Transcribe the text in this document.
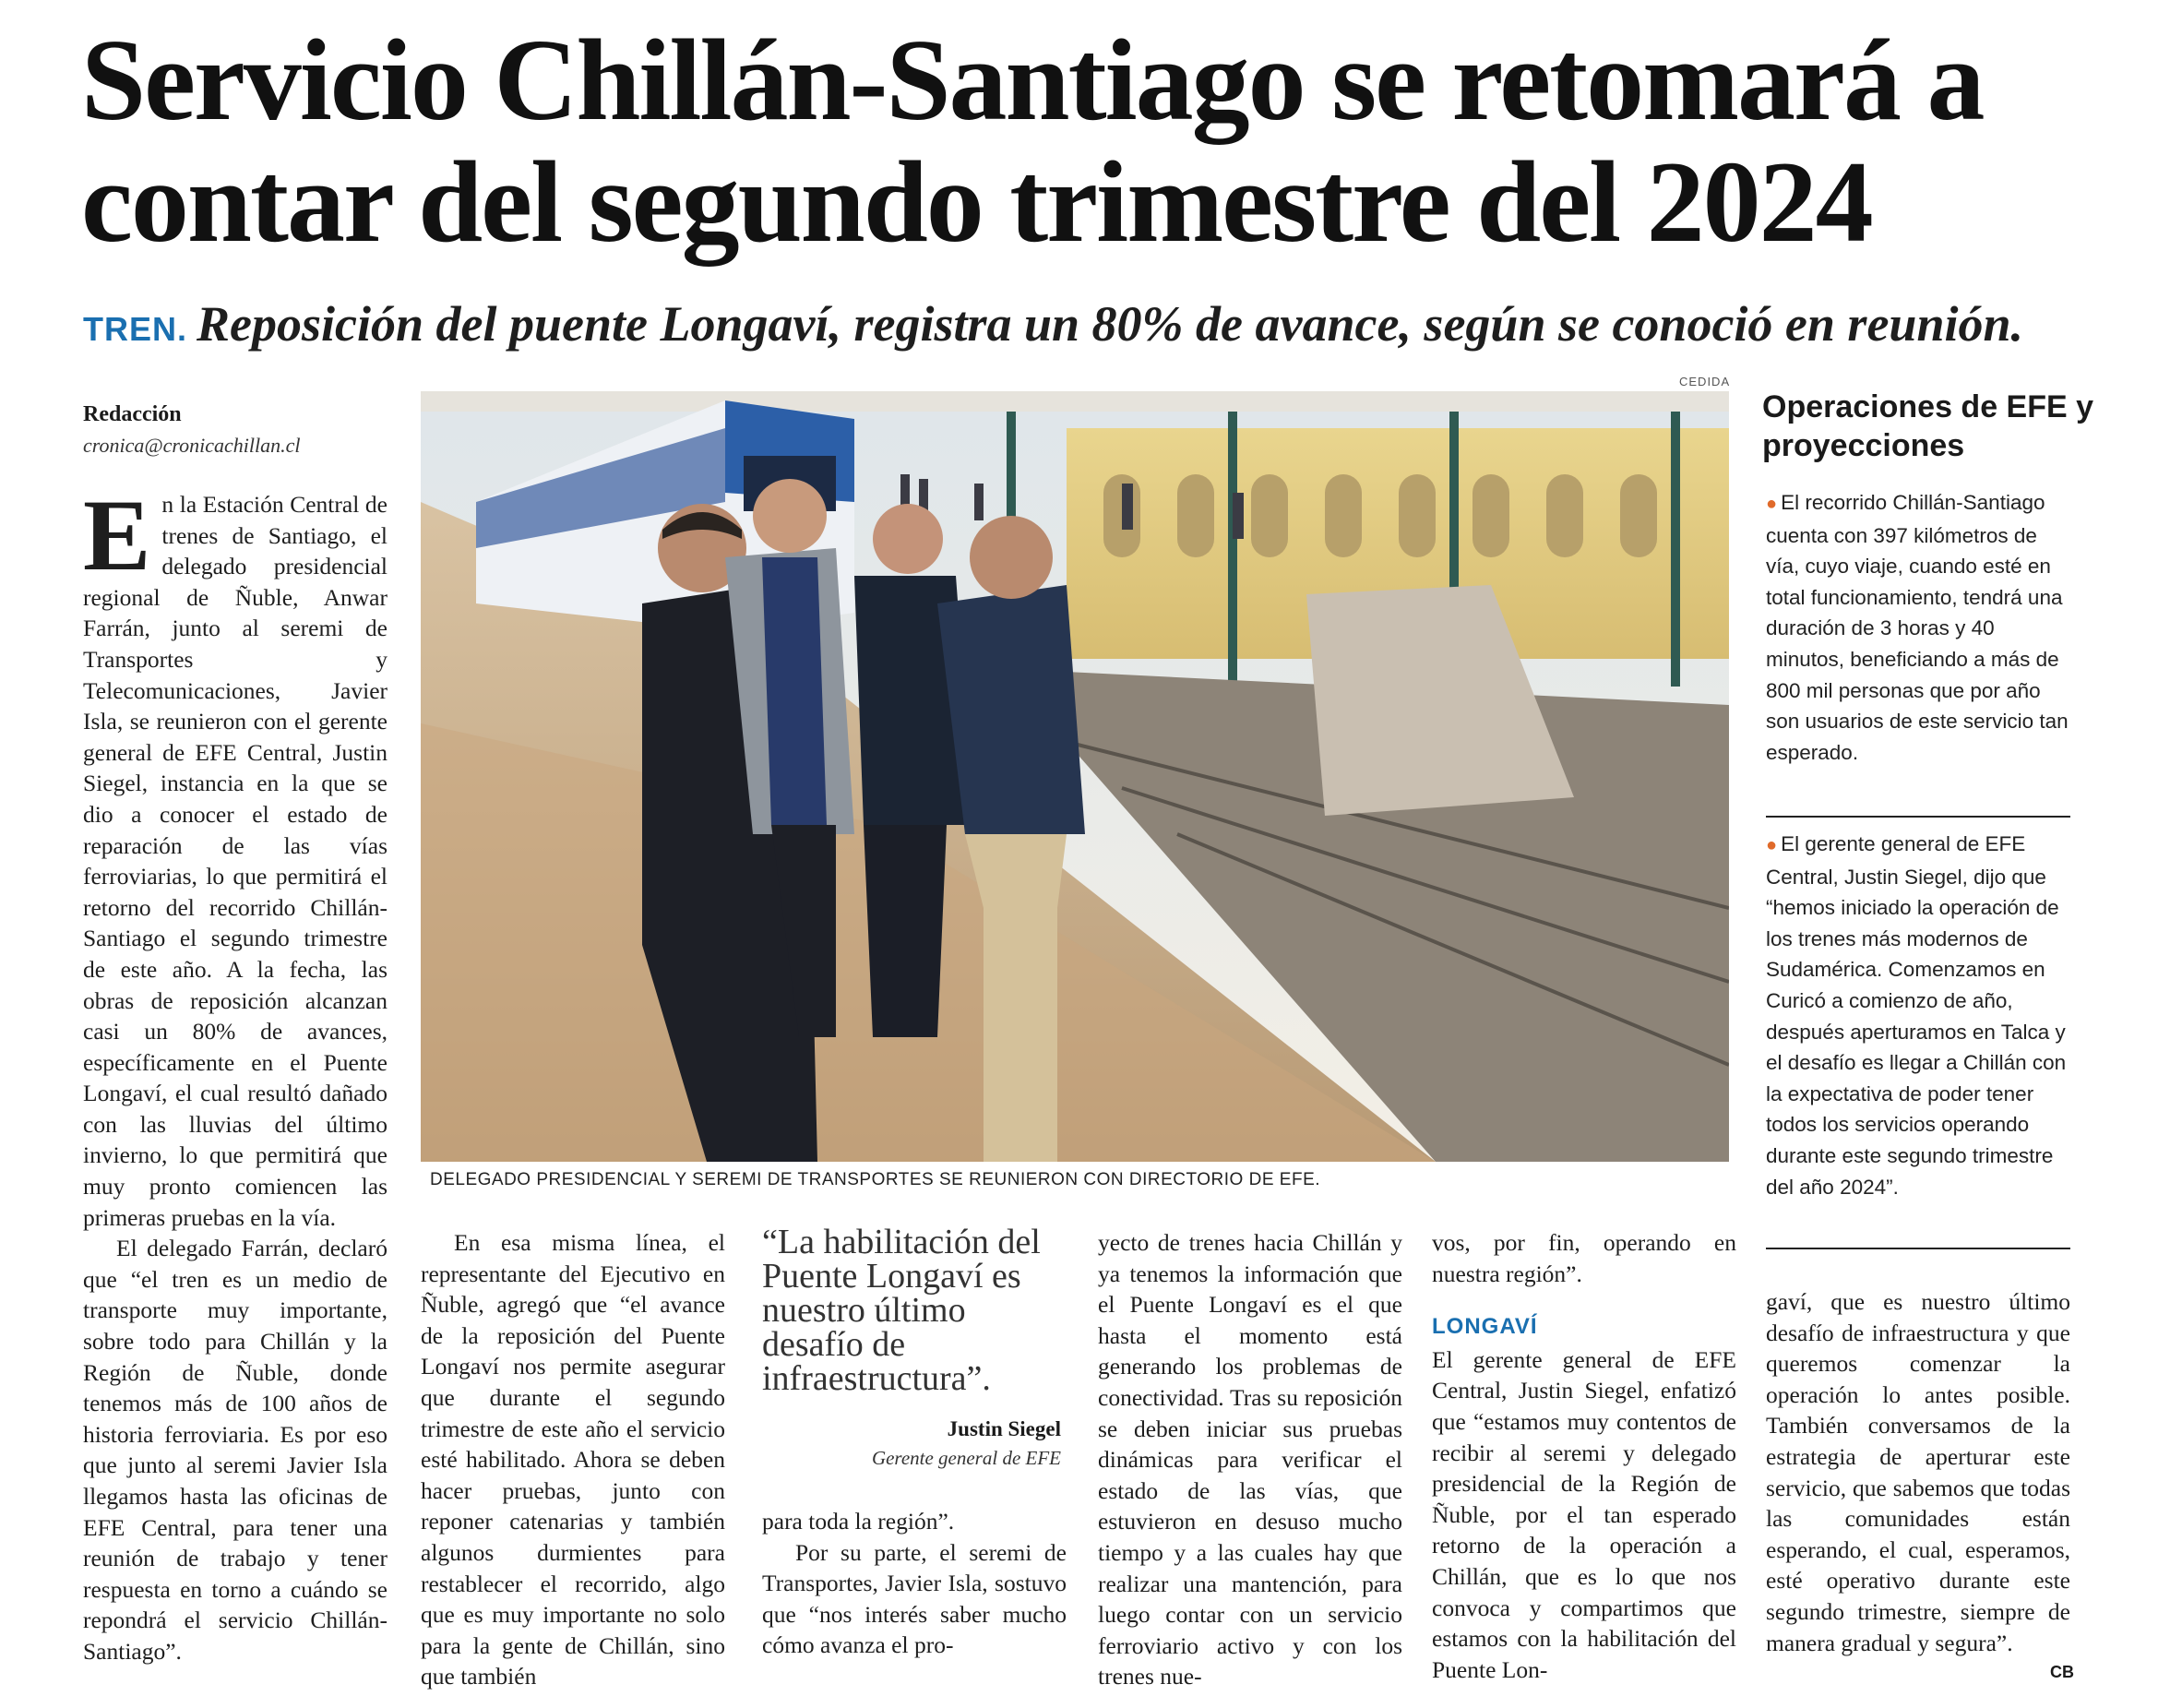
Servicio Chillán-Santiago se retomará a
contar del segundo trimestre del 2024
TREN. Reposición del puente Longaví, registra un 80% de avance, según se conoció en reunión.
Redacción
cronica@cronicachillan.cl

En la Estación Central de trenes de Santiago, el delegado presidencial regional de Ñuble, Anwar Farrán, junto al seremi de Transportes y Telecomunicaciones, Javier Isla, se reunieron con el gerente general de EFE Central, Justin Siegel, instancia en la que se dio a conocer el estado de reparación de las vías ferroviarias, lo que permitirá el retorno del recorrido Chillán-Santiago el segundo trimestre de este año. A la fecha, las obras de reposición alcanzan casi un 80% de avances, específicamente en el Puente Longaví, el cual resultó dañado con las lluvias del último invierno, lo que permitirá que muy pronto comiencen las primeras pruebas en la vía.

El delegado Farrán, declaró que “el tren es un medio de transporte muy importante, sobre todo para Chillán y la Región de Ñuble, donde tenemos más de 100 años de historia ferroviaria. Es por eso que junto al seremi Javier Isla llegamos hasta las oficinas de EFE Central, para tener una reunión de trabajo y tener respuesta en torno a cuándo se repondrá el servicio Chillán-Santiago”.

CEDIDA
DELEGADO PRESIDENCIAL Y SEREMI DE TRANSPORTES SE REUNIERON CON DIRECTORIO DE EFE.

En esa misma línea, el representante del Ejecutivo en Ñuble, agregó que “el avance de la reposición del Puente Longaví nos permite asegurar que durante el segundo trimestre de este año el servicio esté habilitado. Ahora se deben hacer pruebas, junto con reponer catenarias y también algunos durmientes para restablecer el recorrido, algo que es muy importante no solo para la gente de Chillán, sino que también

“La habilitación del Puente Longaví es nuestro último desafío de infraestructura”.
Justin Siegel
Gerente general de EFE

para toda la región”.

Por su parte, el seremi de Transportes, Javier Isla, sostuvo que “nos interés saber mucho cómo avanza el pro-

yecto de trenes hacia Chillán y ya tenemos la información que el Puente Longaví es el que hasta el momento está generando los problemas de conectividad. Tras su reposición se deben iniciar sus pruebas dinámicas para verificar el estado de las vías, que estuvieron en desuso mucho tiempo y a las cuales hay que realizar una mantención, para luego contar con un servicio ferroviario activo y con los trenes nue-

vos, por fin, operando en nuestra región”.

LONGAVÍ

El gerente general de EFE Central, Justin Siegel, enfatizó que “estamos muy contentos de recibir al seremi y delegado presidencial de la Región de Ñuble, por el tan esperado retorno de la operación a Chillán, que es lo que nos convoca y compartimos que estamos con la habilitación del Puente Lon-

gaví, que es nuestro último desafío de infraestructura y que queremos comenzar la operación lo antes posible. También conversamos de la estrategia de aperturar este servicio, que sabemos que todas las comunidades están esperando, el cual, esperamos, esté operativo durante este segundo trimestre, siempre de manera gradual y segura”.

CB
Operaciones de EFE y proyecciones
● El recorrido Chillán-Santiago cuenta con 397 kilómetros de vía, cuyo viaje, cuando esté en total funcionamiento, tendrá una duración de 3 horas y 40 minutos, beneficiando a más de 800 mil personas que por año son usuarios de este servicio tan esperado.
● El gerente general de EFE Central, Justin Siegel, dijo que “hemos iniciado la operación de los trenes más modernos de Sudamérica. Comenzamos en Curicó a comienzo de año, después aperturamos en Talca y el desafío es llegar a Chillán con la expectativa de poder tener todos los servicios operando durante este segundo trimestre del año 2024”.
